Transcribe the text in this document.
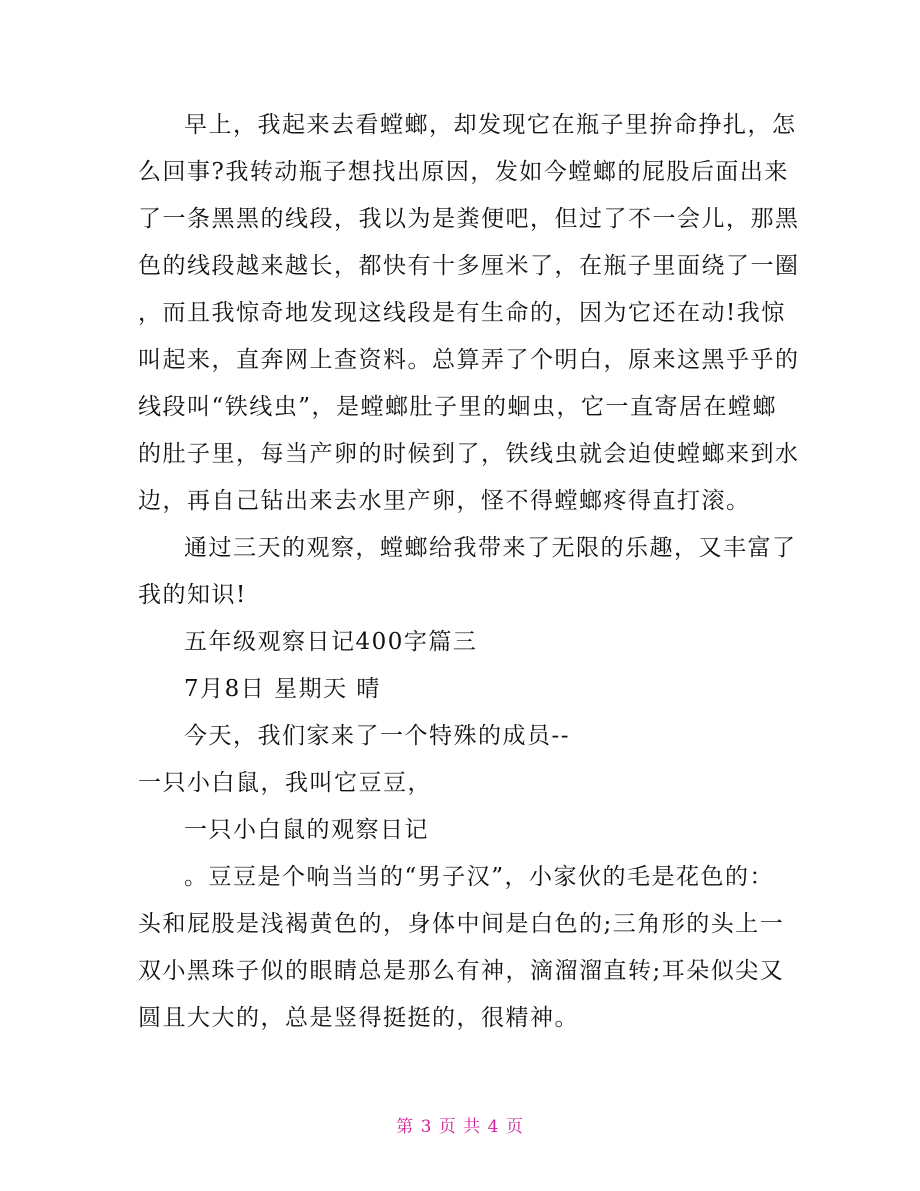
早上，我起来去看螳螂，却发现它在瓶子里拚命挣扎，怎
么回事?我转动瓶子想找出原因，发如今螳螂的屁股后面出来
了一条黑黑的线段，我以为是粪便吧，但过了不一会儿，那黑
色的线段越来越长，都快有十多厘米了，在瓶子里面绕了一圈
，而且我惊奇地发现这线段是有生命的，因为它还在动!我惊
叫起来，直奔网上查资料。总算弄了个明白，原来这黑乎乎的
线段叫“铁线虫”，是螳螂肚子里的蛔虫，它一直寄居在螳螂
的肚子里，每当产卵的时候到了，铁线虫就会迫使螳螂来到水
边，再自己钻出来去水里产卵，怪不得螳螂疼得直打滚。
通过三天的观察，螳螂给我带来了无限的乐趣，又丰富了
我的知识!
五年级观察日记400字篇三
7月8日 星期天 晴
今天，我们家来了一个特殊的成员--
一只小白鼠，我叫它豆豆，
一只小白鼠的观察日记
。豆豆是个响当当的“男子汉”，小家伙的毛是花色的：
头和屁股是浅褐黄色的，身体中间是白色的;三角形的头上一
双小黑珠子似的眼睛总是那么有神，滴溜溜直转;耳朵似尖又
圆且大大的，总是竖得挺挺的，很精神。
第 3 页 共 4 页
